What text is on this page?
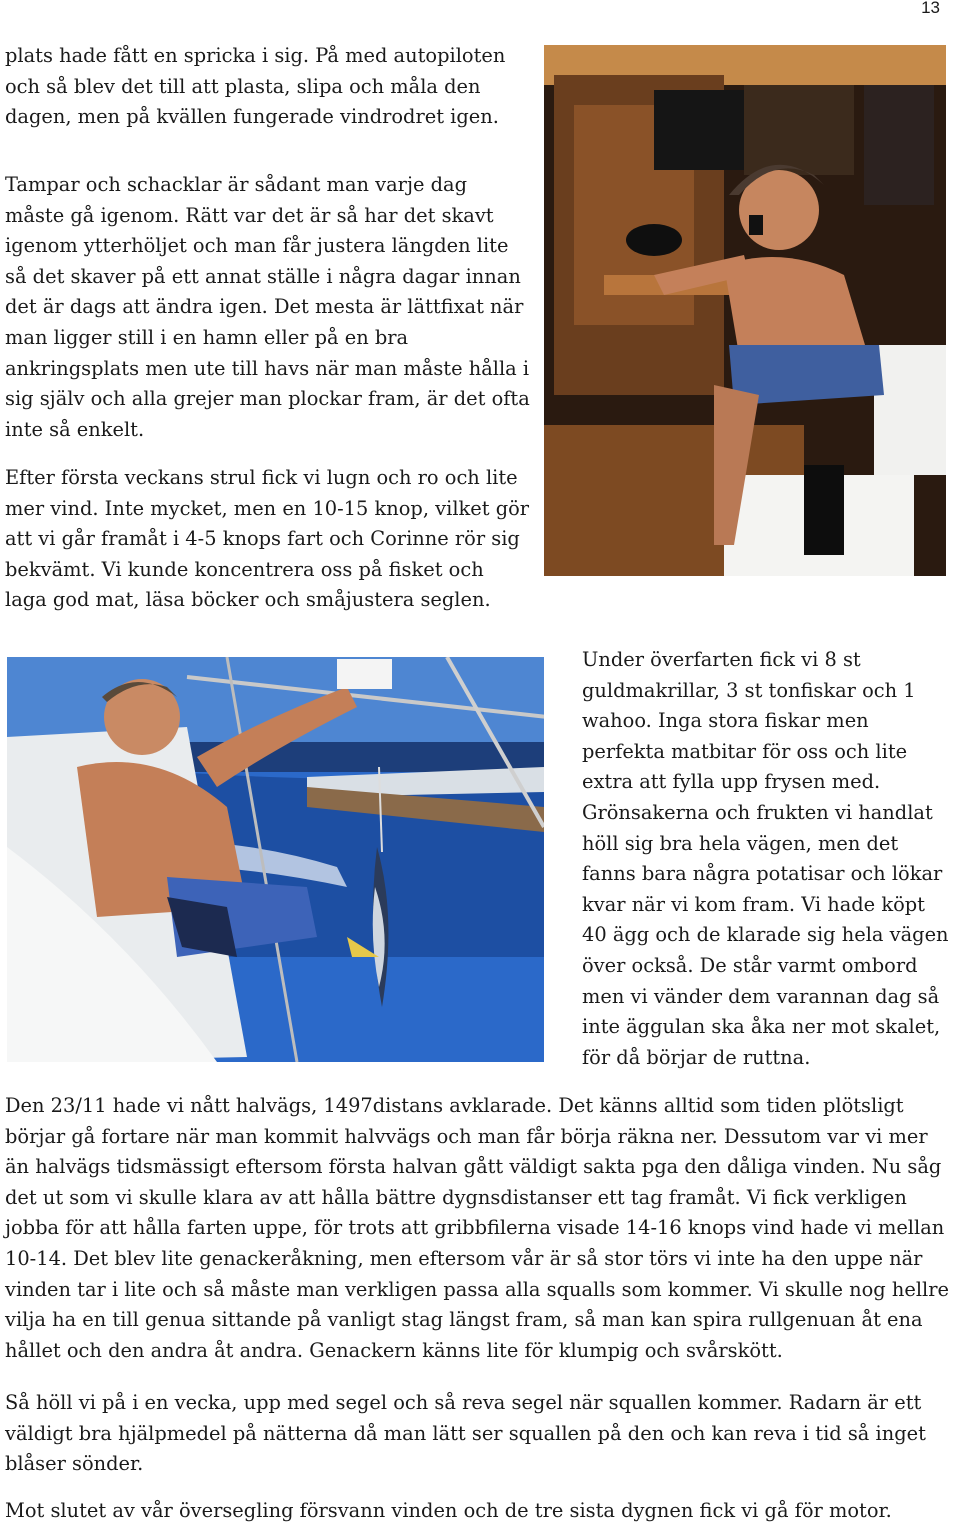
13

plats hade fått en spricka i sig. På med autopiloten och så blev det till att plasta, slipa och måla den dagen, men på kvällen fungerade vindrodret igen.

Tampar och schacklar är sådant man varje dag måste gå igenom. Rätt var det är så har det skavt igenom ytterhöljet och man får justera längden lite så det skaver på ett annat ställe i några dagar innan det är dags att ändra igen. Det mesta är lättfixat när man ligger still i en hamn eller på en bra ankringsplats men ute till havs när man måste hålla i sig själv och alla grejer man plockar fram, är det ofta inte så enkelt.

Efter första veckans strul fick vi lugn och ro och lite mer vind. Inte mycket, men en 10-15 knop, vilket gör att vi går framåt i 4-5 knops fart och Corinne rör sig bekvämt. Vi kunde koncentrera oss på fisket och laga god mat, läsa böcker och småjustera seglen.

Under överfarten fick vi 8 st guldmakrillar, 3 st tonfiskar och 1 wahoo. Inga stora fiskar men perfekta matbitar för oss och lite extra att fylla upp frysen med. Grönsakerna och frukten vi handlat höll sig bra hela vägen, men det fanns bara några potatisar och lökar kvar när vi kom fram. Vi hade köpt 40 ägg och de klarade sig hela vägen över också. De står varmt ombord men vi vänder dem varannan dag så inte äggulan ska åka ner mot skalet, för då börjar de ruttna.

Den 23/11 hade vi nått halvägs, 1497distans avklarade. Det känns alltid som tiden plötsligt börjar gå fortare när man kommit halvvägs och man får börja räkna ner. Dessutom var vi mer än halvägs tidsmässigt eftersom första halvan gått väldigt sakta pga den dåliga vinden. Nu såg det ut som vi skulle klara av att hålla bättre dygnsdistanser ett tag framåt. Vi fick verkligen jobba för att hålla farten uppe, för trots att gribbfilerna visade 14-16 knops vind hade vi mellan 10-14. Det blev lite genackeråkning, men eftersom vår är så stor törs vi inte ha den uppe när vinden tar i lite och så måste man verkligen passa alla squalls som kommer. Vi skulle nog hellre vilja ha en till genua sittande på vanligt stag längst fram, så man kan spira rullgenuan åt ena hållet och den andra åt andra. Genackern känns lite för klumpig och svårskött.

Så höll vi på i en vecka, upp med segel och så reva segel när squallen kommer. Radarn är ett väldigt bra hjälpmedel på nätterna då man lätt ser squallen på den och kan reva i tid så inget blåser sönder.

Mot slutet av vår översegling försvann vinden och de tre sista dygnen fick vi gå för motor.
